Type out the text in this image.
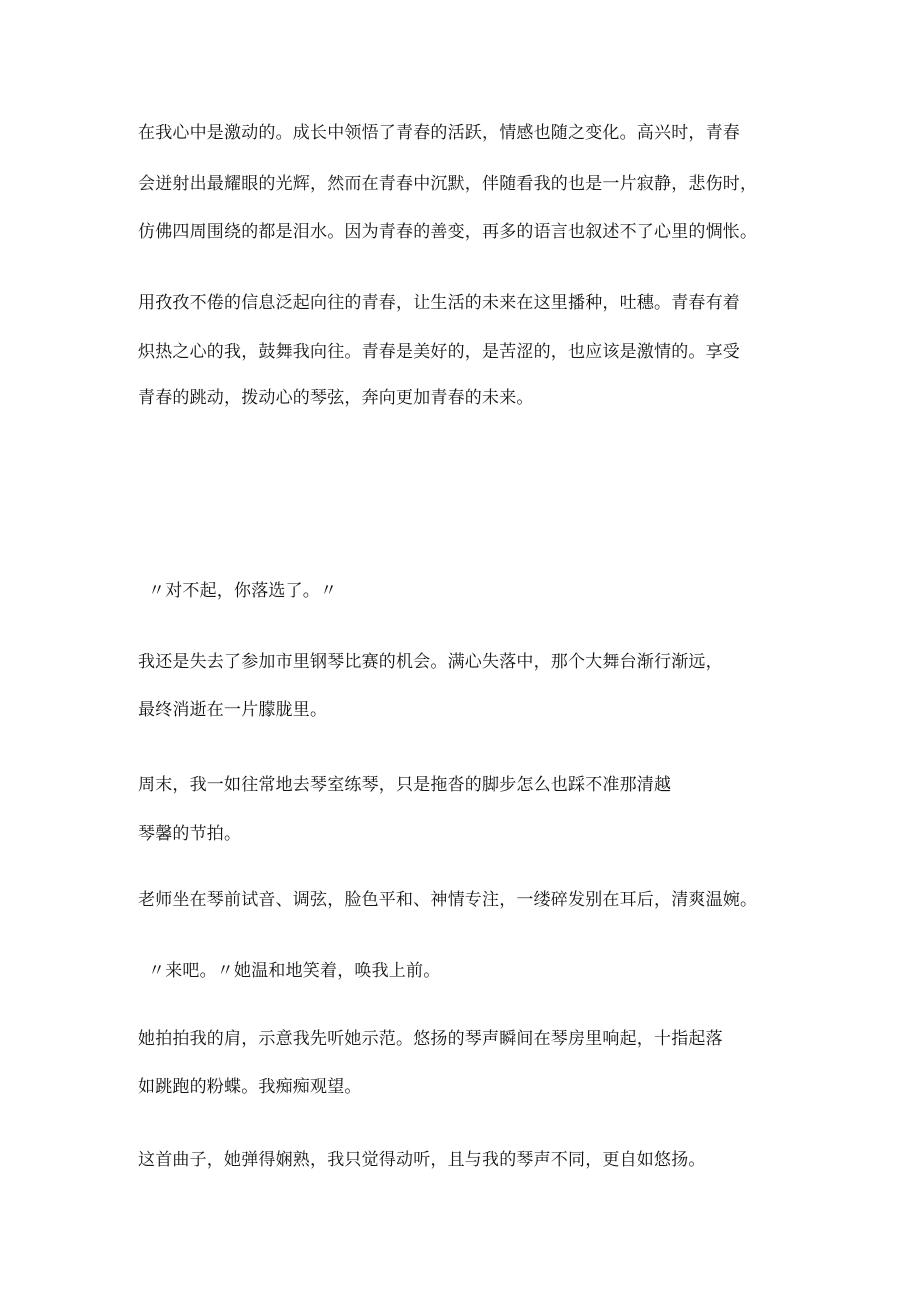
在我心中是激动的。成长中领悟了青春的活跃，情感也随之变化。高兴时，青春
会迸射出最耀眼的光辉，然而在青春中沉默，伴随看我的也是一片寂静，悲伤时，
仿佛四周围绕的都是泪水。因为青春的善变，再多的语言也叙述不了心里的惆怅。
用孜孜不倦的信息泛起向往的青春，让生活的未来在这里播种，吐穗。青春有着
炽热之心的我，鼓舞我向往。青春是美好的，是苦涩的，也应该是激情的。享受
青春的跳动，拨动心的琴弦，奔向更加青春的未来。
〃对不起，你落选了。〃
我还是失去了参加市里钢琴比赛的机会。满心失落中，那个大舞台渐行渐远，
最终消逝在一片朦胧里。
周末，我一如往常地去琴室练琴，只是拖沓的脚步怎么也踩不准那清越
琴馨的节拍。
老师坐在琴前试音、调弦，脸色平和、神情专注，一缕碎发别在耳后，清爽温婉。
〃来吧。〃她温和地笑着，唤我上前。
她拍拍我的肩，示意我先听她示范。悠扬的琴声瞬间在琴房里响起，十指起落
如跳跑的粉蝶。我痴痴观望。
这首曲子，她弹得娴熟，我只觉得动听，且与我的琴声不同，更自如悠扬。
